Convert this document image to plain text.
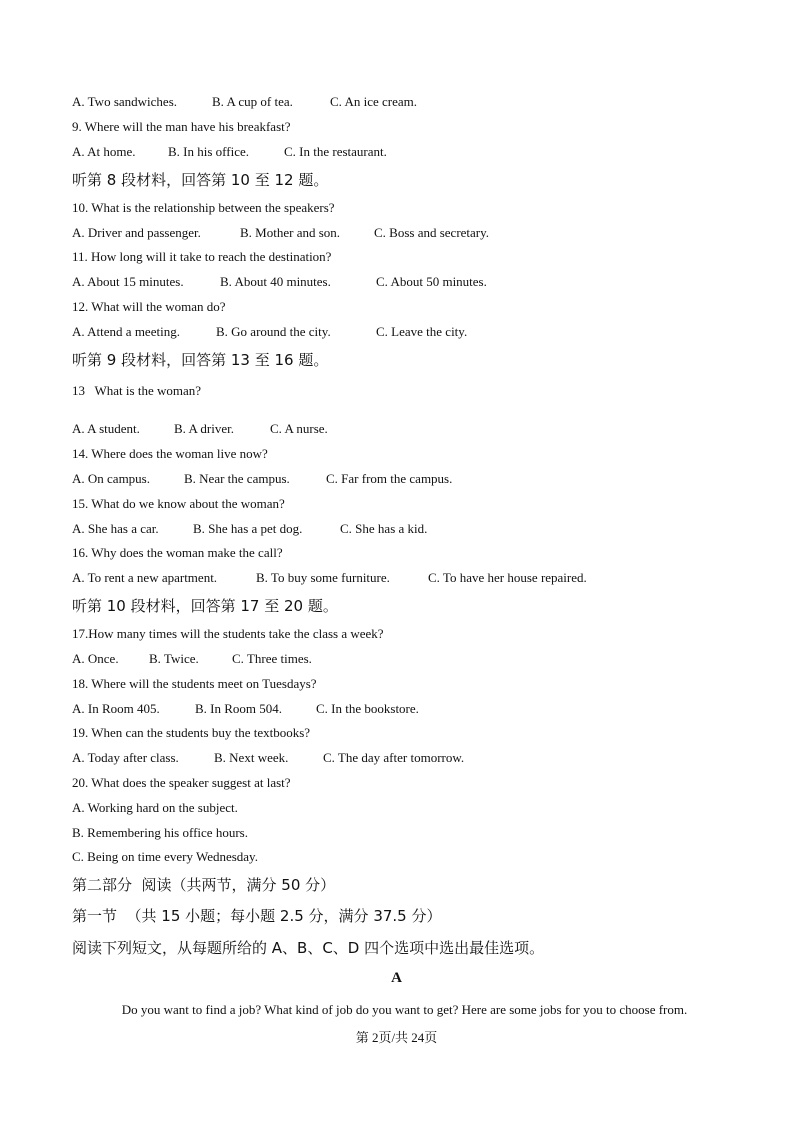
A. Two sandwiches.	B. A cup of tea.	C. An ice cream.
9. Where will the man have his breakfast?
A. At home. B. In his office.	C. In the restaurant.
听第 8 段材料，回答第 10 至 12 题。
10. What is the relationship between the speakers?
A. Driver and passenger.	B. Mother and son.	C. Boss and secretary.
11. How long will it take to reach the destination?
A. About 15 minutes.	B. About 40 minutes.	C. About 50 minutes.
12. What will the woman do?
A. Attend a meeting.	B. Go around the city.	C. Leave the city.
听第 9 段材料，回答第 13 至 16 题。
13   What is the woman?
A. A student.	B. A driver.	C. A nurse.
14. Where does the woman live now?
A. On campus.	B. Near the campus.	C. Far from the campus.
15. What do we know about the woman?
A. She has a car.	B. She has a pet dog.	C. She has a kid.
16. Why does the woman make the call?
A. To rent a new apartment.	B. To buy some furniture.	C. To have her house repaired.
听第 10 段材料，回答第 17 至 20 题。
17.How many times will the students take the class a week?
A. Once. B. Twice.	C. Three times.
18. Where will the students meet on Tuesdays?
A. In Room 405.	B. In Room 504.	C. In the bookstore.
19. When can the students buy the textbooks?
A. Today after class.	B. Next week.	C. The day after tomorrow.
20. What does the speaker suggest at last?
A. Working hard on the subject.
B. Remembering his office hours.
C. Being on time every Wednesday.
第二部分  阅读（共两节，满分 50 分）
第一节  （共 15 小题；每小题 2.5 分，满分 37.5 分）
阅读下列短文，从每题所给的 A、B、C、D 四个选项中选出最佳选项。
A
Do you want to find a job? What kind of job do you want to get? Here are some jobs for you to choose from.
第 2页/共 24页
